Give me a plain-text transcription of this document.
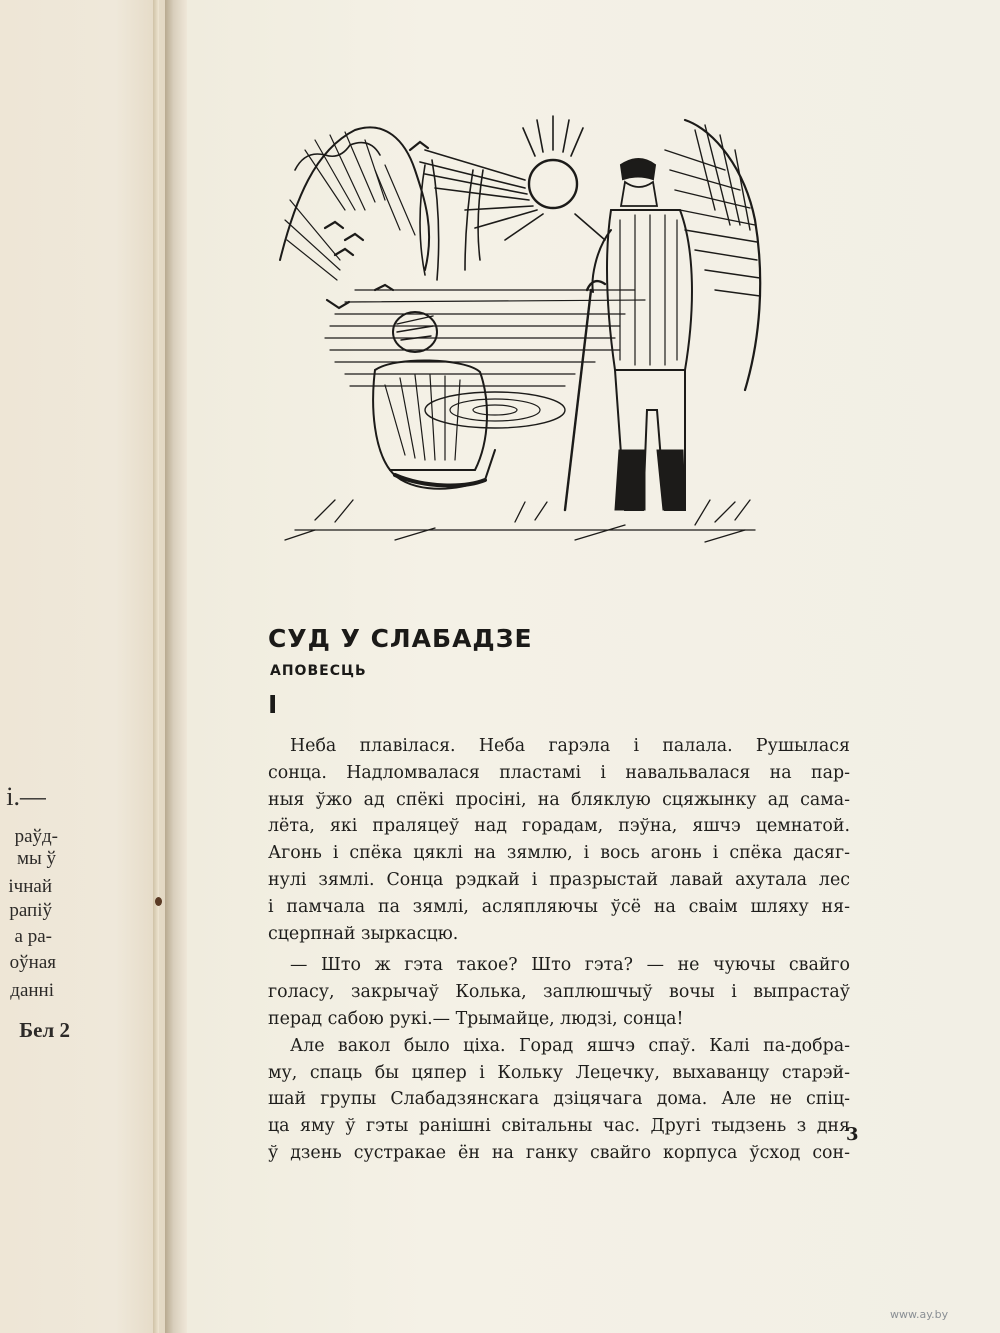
і.—
раўд-
мы ў
ічнай
рапіў
а ра-
оўная
данні
Бел 2
СУД У СЛАБАДЗЕ
АПОВЕСЦЬ
I
Неба плавілася. Неба гарэла і палала. Рушылася
сонца. Надломвалася пластамі і навальвалася на пар-
ныя ўжо ад спёкі просіні, на бляклую сцяжынку ад сама-
лёта, які праляцеў над горадам, пэўна, яшчэ цемнатой.
Агонь і спёка цяклі на зямлю, і вось агонь і спёка дасяг-
нулі зямлі. Сонца рэдкай і празрыстай лавай ахутала лес
і памчала па зямлі, асляпляючы ўсё на сваім шляху ня-
сцерпнай зыркасцю.
— Што ж гэта такое? Што гэта? — не чуючы свайго
голасу, закрычаў Колька, заплюшчыў вочы і выпрастаў
перад сабою рукі.— Трымайце, людзі, сонца!
Але вакол было ціха. Горад яшчэ спаў. Калі па-добра-
му, спаць бы цяпер і Кольку Лецечку, выхаванцу старэй-
шай групы Слабадзянскага дзіцячага дома. Але не спіц-
ца яму ў гэты ранішні світальны час. Другі тыдзень з дня
ў дзень сустракае ён на ганку свайго корпуса ўсход сон-
3
www.ay.by
